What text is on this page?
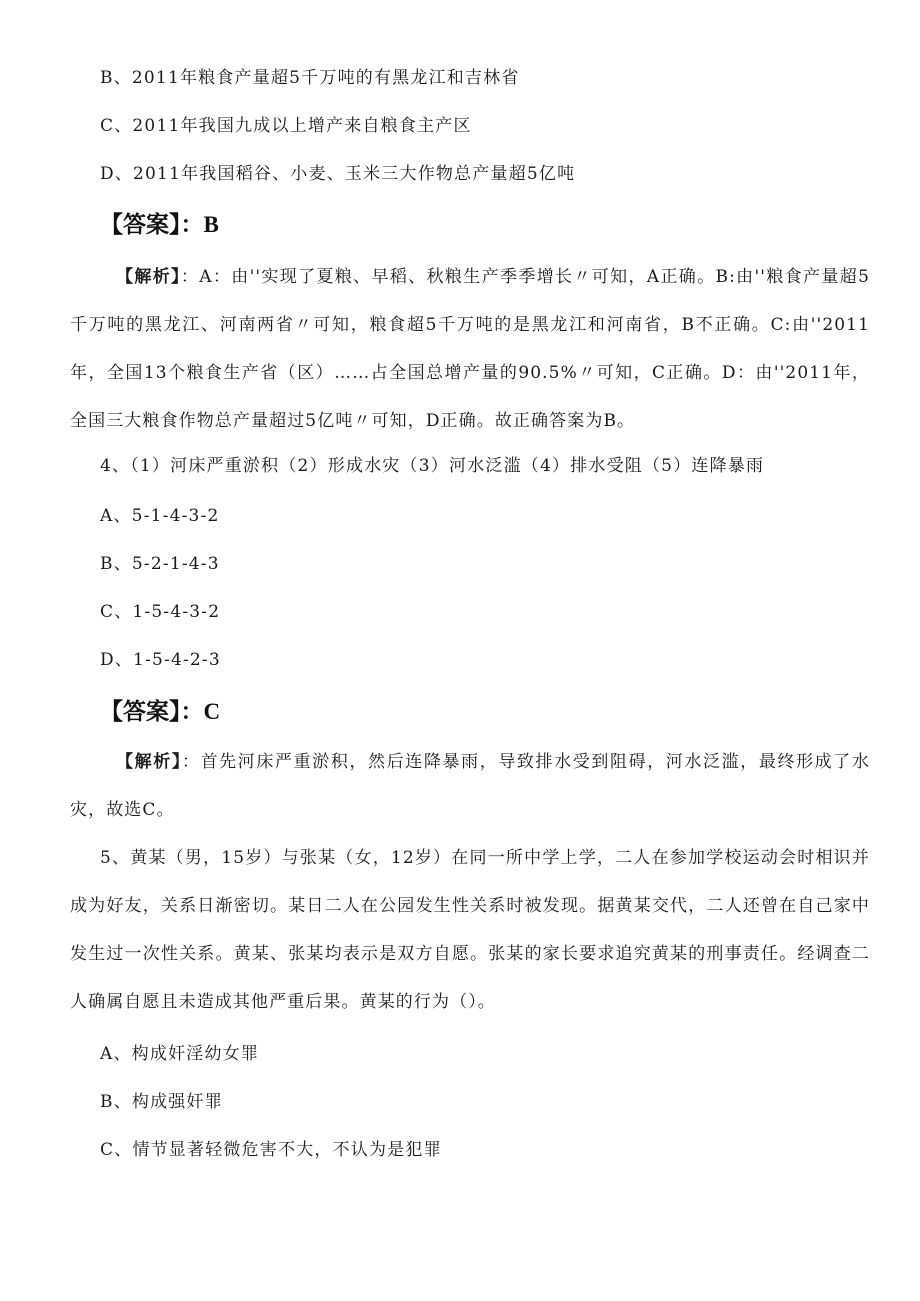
B、2011年粮食产量超5千万吨的有黑龙江和吉林省
C、2011年我国九成以上增产来自粮食主产区
D、2011年我国稻谷、小麦、玉米三大作物总产量超5亿吨
【答案】：B
【解析】：A：由''实现了夏粮、早稻、秋粮生产季季增长〃可知，A正确。B:由''粮食产量超5千万吨的黑龙江、河南两省〃可知，粮食超5千万吨的是黑龙江和河南省，B不正确。C:由''2011年，全国13个粮食生产省（区）……占全国总增产量的90.5%〃可知，C正确。D：由''2011年，全国三大粮食作物总产量超过5亿吨〃可知，D正确。故正确答案为B。
4、（1）河床严重淤积（2）形成水灾（3）河水泛滥（4）排水受阻（5）连降暴雨
A、5-1-4-3-2
B、5-2-1-4-3
C、1-5-4-3-2
D、1-5-4-2-3
【答案】：C
【解析】：首先河床严重淤积，然后连降暴雨，导致排水受到阻碍，河水泛滥，最终形成了水灾，故选C。
5、黄某（男，15岁）与张某（女，12岁）在同一所中学上学，二人在参加学校运动会时相识并成为好友，关系日渐密切。某日二人在公园发生性关系时被发现。据黄某交代，二人还曾在自己家中发生过一次性关系。黄某、张某均表示是双方自愿。张某的家长要求追究黄某的刑事责任。经调查二人确属自愿且未造成其他严重后果。黄某的行为（）。
A、构成奸淫幼女罪
B、构成强奸罪
C、情节显著轻微危害不大，不认为是犯罪
